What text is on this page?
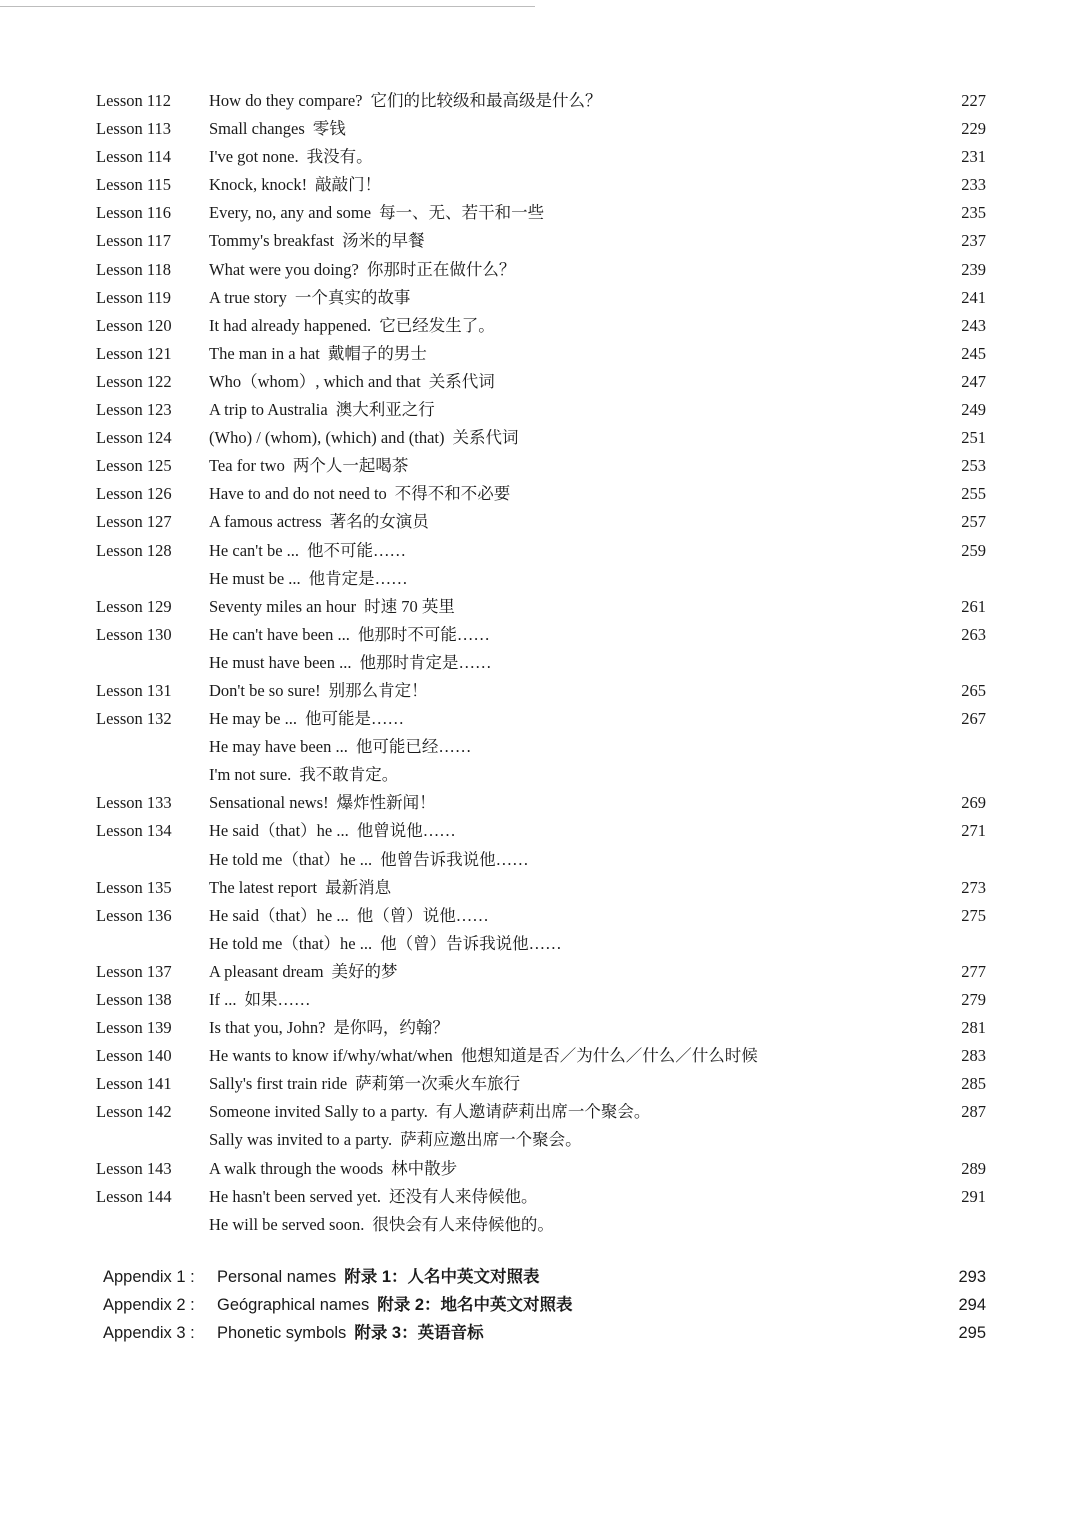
Lesson 112	How do they compare? 它们的比较级和最高级是什么？	227
Lesson 113	Small changes 零钱	229
Lesson 114	I've got none. 我没有。	231
Lesson 115	Knock, knock! 敲敲门！	233
Lesson 116	Every, no, any and some 每一、无、若干和一些	235
Lesson 117	Tommy's breakfast 汤米的早餐	237
Lesson 118	What were you doing? 你那时正在做什么？	239
Lesson 119	A true story 一个真实的故事	241
Lesson 120	It had already happened. 它已经发生了。	243
Lesson 121	The man in a hat 戴帽子的男士	245
Lesson 122	Who（whom）, which and that 关系代词	247
Lesson 123	A trip to Australia 澳大利亚之行	249
Lesson 124	(Who) / (whom), (which) and (that) 关系代词	251
Lesson 125	Tea for two 两个人一起喝茶	253
Lesson 126	Have to and do not need to 不得不和不必要	255
Lesson 127	A famous actress 著名的女演员	257
Lesson 128	He can't be ... 他不可能……	259
He must be ... 他肯定是……
Lesson 129	Seventy miles an hour 时速 70 英里	261
Lesson 130	He can't have been ... 他那时不可能……	263
He must have been ... 他那时肯定是……
Lesson 131	Don't be so sure! 别那么肯定！	265
Lesson 132	He may be ... 他可能是……	267
He may have been ... 他可能已经……
I'm not sure. 我不敢肯定。
Lesson 133	Sensational news! 爆炸性新闻！	269
Lesson 134	He said（that）he ... 他曾说他……	271
He told me（that）he ... 他曾告诉我说他……
Lesson 135	The latest report 最新消息	273
Lesson 136	He said（that）he ... 他（曾）说他……	275
He told me（that）he ... 他（曾）告诉我说他……
Lesson 137	A pleasant dream 美好的梦	277
Lesson 138	If ... 如果……	279
Lesson 139	Is that you, John? 是你吗，约翰？	281
Lesson 140	He wants to know if/why/what/when 他想知道是否／为什么／什么／什么时候	283
Lesson 141	Sally's first train ride 萨莉第一次乘火车旅行	285
Lesson 142	Someone invited Sally to a party. 有人邀请萨莉出席一个聚会。	287
Sally was invited to a party. 萨莉应邀出席一个聚会。
Lesson 143	A walk through the woods 林中散步	289
Lesson 144	He hasn't been served yet. 还没有人来侍候他。	291
He will be served soon. 很快会有人来侍候他的。
Appendix 1 :	Personal names 附录 1：人名中英文对照表	293
Appendix 2 :	Geógraphical names 附录 2：地名中英文对照表	294
Appendix 3 :	Phonetic symbols 附录 3：英语音标	295
